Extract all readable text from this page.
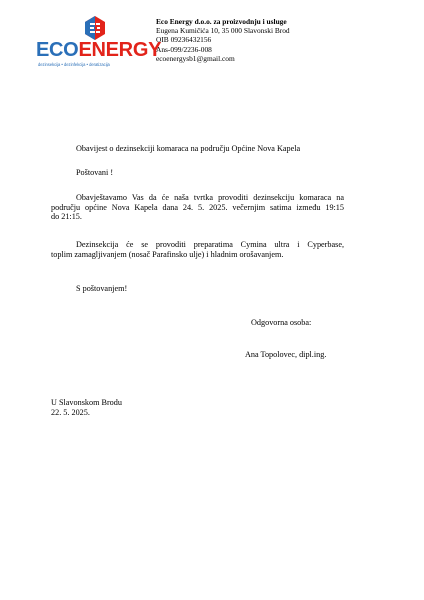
ECOENERGY
dezinsekcija • dezinfekcija • deratizacija
Eco Energy d.o.o. za proizvodnju i usluge
Eugena Kumičića 10, 35 000 Slavonski Brod
OIB 09236432156
Ans-099/2236-008
ecoenergysb1@gmail.com
Obavijest o dezinsekciji komaraca na području Općine Nova Kapela
Poštovani !
Obavještavamo Vas da će naša tvrtka provoditi dezinsekciju komaraca na
području općine Nova Kapela dana 24. 5. 2025. večernjim satima između 19:15
do 21:15.
Dezinsekcija će se provoditi preparatima Cymina ultra i Cyperbase,
toplim zamagljivanjem (nosač Parafinsko ulje) i hladnim orošavanjem.
S poštovanjem!
Odgovorna osoba:
Ana Topolovec, dipl.ing.
U Slavonskom Brodu
22. 5. 2025.
